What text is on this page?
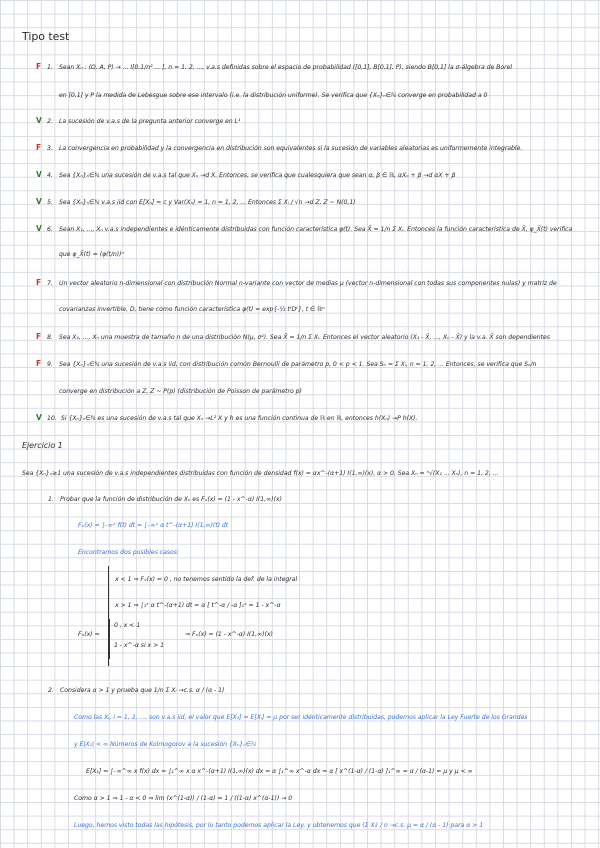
Tipo test
F 1. Sean Xₙ : (Ω, A, P) → ... I[0,1/n² ... ], n = 1, 2, ..., v.a.s definidas sobre el espacio de probabilidad ([0,1], B[0,1], P), siendo B[0,1] la σ-álgebra de Borel
en [0,1] y P la medida de Lebesgue sobre ese intervalo (i.e. la distribución uniforme). Se verifica que {Xₙ}ₙ∈ℕ converge en probabilidad a 0
V 2. La sucesión de v.a.s de la pregunta anterior converge en L¹
F 3. La convergencia en probabilidad y la convergencia en distribución son equivalentes si la sucesión de variables aleatorias es uniformemente integrable.
V 4. Sea {Xₙ}ₙ∈ℕ una sucesión de v.a.s tal que Xₙ →d X. Entonces, se verifica que cualesquiera que sean α, β ∈ ℝ, αXₙ + β →d αX + β
V 5. Sea {Xₙ}ₙ∈ℕ v.a.s iid con E[Xₙ] = c y Var(Xₙ) = 1, n = 1, 2, ... Entonces Σ Xᵢ / √n →d Z, Z ~ N(0,1)
V 6. Sean X₁, ..., Xₙ v.a.s independientes e idénticamente distribuidas con función característica φ(t). Sea X̄ = 1/n Σ Xᵢ. Entonces la función característica de X̄, φ_X̄(t) verifica
que φ_X̄(t) = (φ(t/n))ⁿ
F 7. Un vector aleatorio n-dimensional con distribución Normal n-variante con vector de medias μ (vector n-dimensional con todas sus componentes nulas) y matriz de
covarianzas invertible, D, tiene como función característica φ(t) = exp{-½ tᵗDᵗ}, t ∈ ℝⁿ
F 8. Sea X₁, ..., Xₙ una muestra de tamaño n de una distribución N(μ, σ²). Sea X̄ = 1/n Σ Xᵢ. Entonces el vector aleatorio (X₁ - X̄, ..., Xₙ - X̄) y la v.a. X̄ son dependientes
F 9. Sea {Xₙ}ₙ∈ℕ una sucesión de v.a.s iid, con distribución común Bernoulli de parámetro p, 0 < p < 1. Sea Sₙ = Σ Xᵢ, n = 1, 2, ... Entonces, se verifica que Sₙ/n
converge en distribución a Z, Z ~ P(p) (distribución de Poisson de parámetro p)
V 10. Si {Xₙ}ₙ∈ℕ es una sucesión de v.a.s tal que Xₙ →L² X y h es una función continua de ℝ en ℝ, entonces h(Xₙ) →P h(X).
Ejercicio 1
Sea {Xₙ}ₙ≥1 una sucesión de v.a.s independientes distribuidas con función de densidad f(x) = αx^-(α+1) I(1,∞)(x), α > 0. Sea Xₙ = ⁿ√(X₁ ... Xₙ), n = 1, 2, ...
1. Probar que la función de distribución de Xₙ es Fₓ(x) = (1 - x^-α) I(1,∞)(x)
Fₓ(x) = ∫₋∞ˣ f(t) dt = ∫₋∞ˣ α t^-(α+1) I(1,∞)(t) dt
Encontramos dos posibles casos:
x < 1 ⇒ Fₓ(x) = 0 , no tenemos sentido la def. de la integral
x > 1 ⇒ ∫₁ˣ α t^-(α+1) dt = α [ t^-α / -α ]₁ˣ = 1 - x^-α
Fₓ(x) =
0 , x < 1
1 - x^-α si x > 1
⇒ Fₓ(x) = (1 - x^-α) I(1,∞)(x)
2. Considera α > 1 y prueba que 1/n Σ Xᵢ →c.s. α / (α - 1)
Como las Xᵢ, i = 1, 2, ..., son v.a.s iid, el valor que E[X₁] = E[Xᵢ] = μ por ser idénticamente distribuidas, podemos aplicar la Ley Fuerte de los Grandes
y E|X₁| < ∞ Números de Kolmogorov a la sucesión {Xₙ}ₙ∈ℕ
E[X₁] = ∫₋∞^∞ x f(x) dx = ∫₁^∞ x α x^-(α+1) I(1,∞)(x) dx = α ∫₁^∞ x^-α dx = α [ x^(1-α) / (1-α) ]₁^∞ = α / (α-1) = μ y μ < ∞
Como α > 1 ⇒ 1 - α < 0 ⇒ lim (x^(1-α)) / (1-α) = 1 / ((1-α) x^(α-1)) → 0
Luego, hemos visto todas las hipótesis, por lo tanto podemos aplicar la Ley, y obtenemos que (Σ Xᵢ) / n →c.s. μ = α / (α - 1) para α > 1
